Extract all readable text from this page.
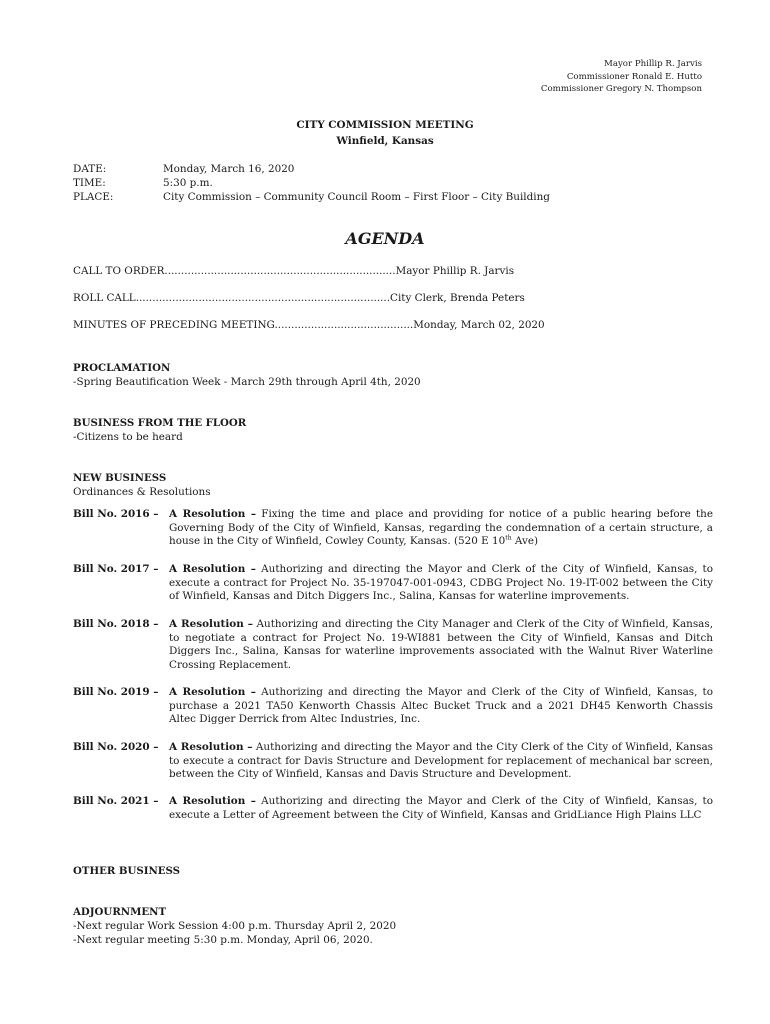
Mayor Phillip R. Jarvis
Commissioner Ronald E. Hutto
Commissioner Gregory N. Thompson
CITY COMMISSION MEETING
Winfield, Kansas
DATE:	Monday, March 16, 2020
TIME:	5:30 p.m.
PLACE:	City Commission – Community Council Room – First Floor – City Building
AGENDA
CALL TO ORDER......................................................................Mayor Phillip R. Jarvis
ROLL CALL.............................................................................City Clerk, Brenda Peters
MINUTES OF PRECEDING MEETING..........................................Monday, March 02, 2020
PROCLAMATION
-Spring Beautification Week - March 29th through April 4th, 2020
BUSINESS FROM THE FLOOR
-Citizens to be heard
NEW BUSINESS
Ordinances & Resolutions
Bill No. 2016 –	A Resolution – Fixing the time and place and providing for notice of a public hearing before the Governing Body of the City of Winfield, Kansas, regarding the condemnation of a certain structure, a house in the City of Winfield, Cowley County, Kansas. (520 E 10th Ave)
Bill No. 2017 –	A Resolution – Authorizing and directing the Mayor and Clerk of the City of Winfield, Kansas, to execute a contract for Project No. 35-197047-001-0943, CDBG Project No. 19-IT-002 between the City of Winfield, Kansas and Ditch Diggers Inc., Salina, Kansas for waterline improvements.
Bill No. 2018 –	A Resolution – Authorizing and directing the City Manager and Clerk of the City of Winfield, Kansas, to negotiate a contract for Project No. 19-WI881 between the City of Winfield, Kansas and Ditch Diggers Inc., Salina, Kansas for waterline improvements associated with the Walnut River Waterline Crossing Replacement.
Bill No. 2019 –	A Resolution – Authorizing and directing the Mayor and Clerk of the City of Winfield, Kansas, to purchase a 2021 TA50 Kenworth Chassis Altec Bucket Truck and a 2021 DH45 Kenworth Chassis Altec Digger Derrick from Altec Industries, Inc.
Bill No. 2020 –	A Resolution – Authorizing and directing the Mayor and the City Clerk of the City of Winfield, Kansas to execute a contract for Davis Structure and Development for replacement of mechanical bar screen, between the City of Winfield, Kansas and Davis Structure and Development.
Bill No. 2021 –	A Resolution – Authorizing and directing the Mayor and Clerk of the City of Winfield, Kansas, to execute a Letter of Agreement between the City of Winfield, Kansas and GridLiance High Plains LLC
OTHER BUSINESS
ADJOURNMENT
-Next regular Work Session 4:00 p.m. Thursday April 2, 2020
-Next regular meeting 5:30 p.m. Monday, April 06, 2020.
